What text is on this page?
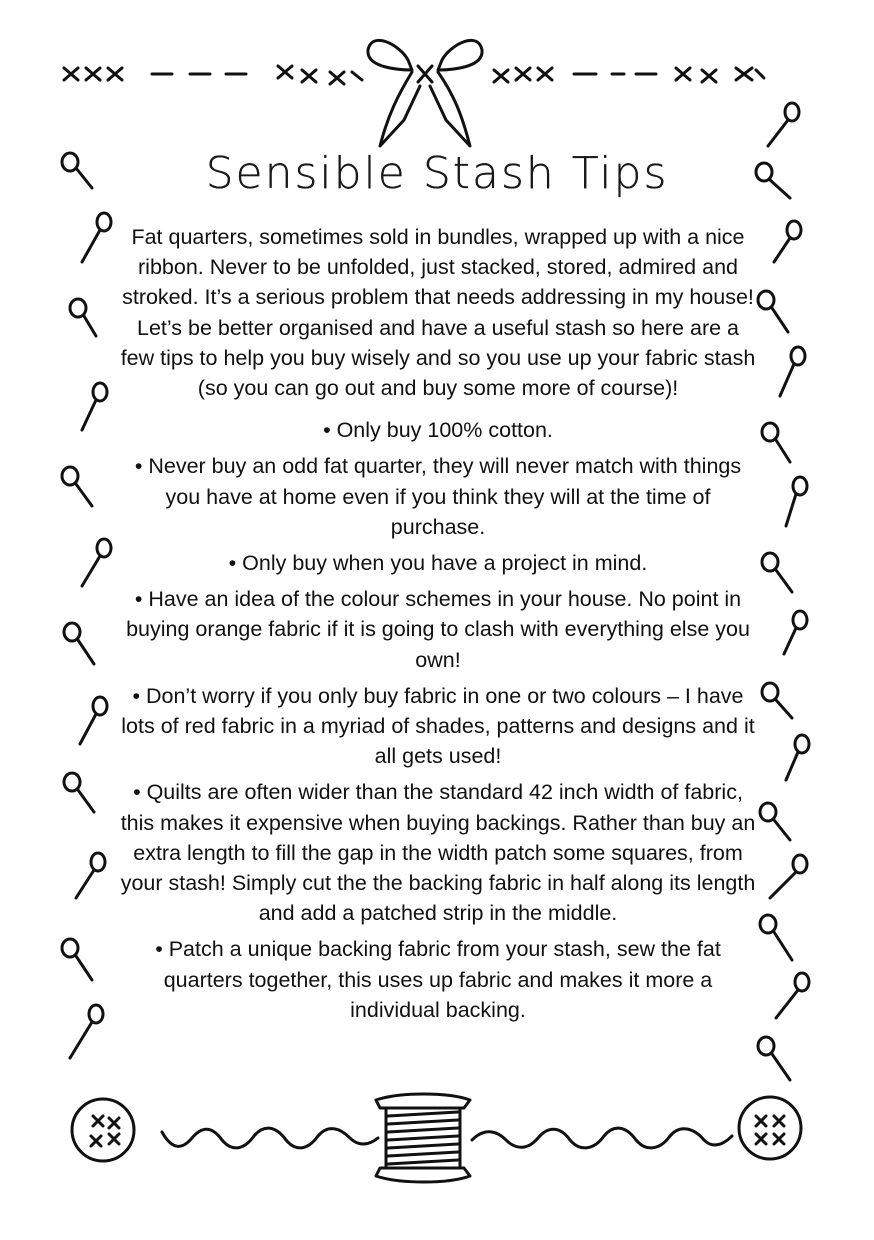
Sensible Stash Tips

Fat quarters, sometimes sold in bundles, wrapped up with a nice ribbon. Never to be unfolded, just stacked, stored, admired and stroked. It’s a serious problem that needs addressing in my house! Let’s be better organised and have a useful stash so here are a few tips to help you buy wisely and so you use up your fabric stash (so you can go out and buy some more of course)!

• Only buy 100% cotton.

• Never buy an odd fat quarter, they will never match with things you have at home even if you think they will at the time of purchase.

• Only buy when you have a project in mind.

• Have an idea of the colour schemes in your house. No point in buying orange fabric if it is going to clash with everything else you own!

• Don’t worry if you only buy fabric in one or two colours – I have lots of red fabric in a myriad of shades, patterns and designs and it all gets used!

• Quilts are often wider than the standard 42 inch width of fabric, this makes it expensive when buying backings. Rather than buy an extra length to fill the gap in the width patch some squares, from your stash! Simply cut the the backing fabric in half along its length and add a patched strip in the middle.

• Patch a unique backing fabric from your stash, sew the fat quarters together, this uses up fabric and makes it more a individual backing.
